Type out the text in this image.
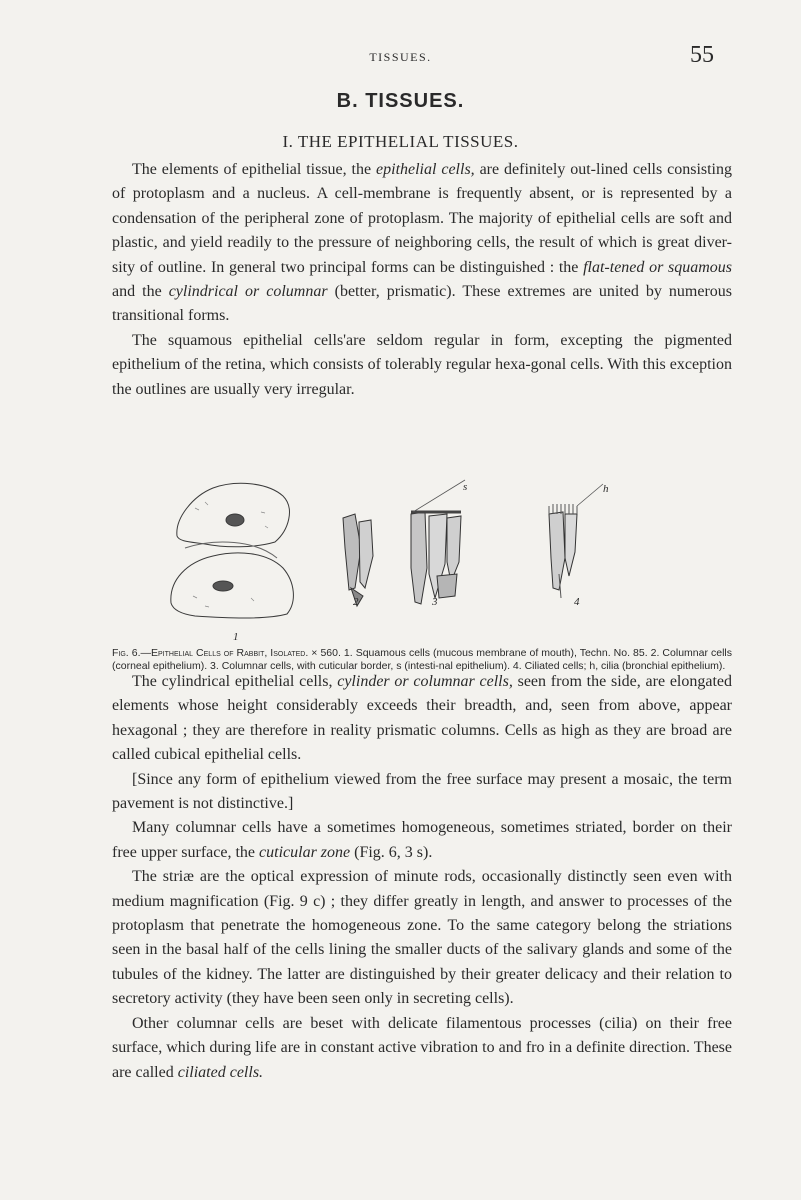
TISSUES.	55
B. TISSUES.
I. THE EPITHELIAL TISSUES.

The elements of epithelial tissue, the epithelial cells, are definitely out-lined cells consisting of protoplasm and a nucleus. A cell-membrane is frequently absent, or is represented by a condensation of the peripheral zone of protoplasm. The majority of epithelial cells are soft and plastic, and yield readily to the pressure of neighboring cells, the result of which is great diver-sity of outline. In general two principal forms can be distinguished : the flat-tened or squamous and the cylindrical or columnar (better, prismatic). These extremes are united by numerous transitional forms.

The squamous epithelial cells'are seldom regular in form, excepting the pigmented epithelium of the retina, which consists of tolerably regular hexa-gonal cells. With this exception the outlines are usually very irregular.

1
2	3	4
s	h
Fig. 6.—Epithelial Cells of Rabbit, Isolated. × 560. 1. Squamous cells (mucous membrane of mouth), Techn. No. 85. 2. Columnar cells (corneal epithelium). 3. Columnar cells, with cuticular border, s (intesti-nal epithelium). 4. Ciliated cells; h, cilia (bronchial epithelium).

The cylindrical epithelial cells, cylinder or columnar cells, seen from the side, are elongated elements whose height considerably exceeds their breadth, and, seen from above, appear hexagonal ; they are therefore in reality prismatic columns. Cells as high as they are broad are called cubical epithelial cells.

[Since any form of epithelium viewed from the free surface may present a mosaic, the term pavement is not distinctive.]

Many columnar cells have a sometimes homogeneous, sometimes striated, border on their free upper surface, the cuticular zone (Fig. 6, 3 s).

The striæ are the optical expression of minute rods, occasionally distinctly seen even with medium magnification (Fig. 9 c) ; they differ greatly in length, and answer to processes of the protoplasm that penetrate the homogeneous zone. To the same category belong the striations seen in the basal half of the cells lining the smaller ducts of the salivary glands and some of the tubules of the kidney. The latter are distinguished by their greater delicacy and their relation to secretory activity (they have been seen only in secreting cells).

Other columnar cells are beset with delicate filamentous processes (cilia) on their free surface, which during life are in constant active vibration to and fro in a definite direction. These are called ciliated cells.
